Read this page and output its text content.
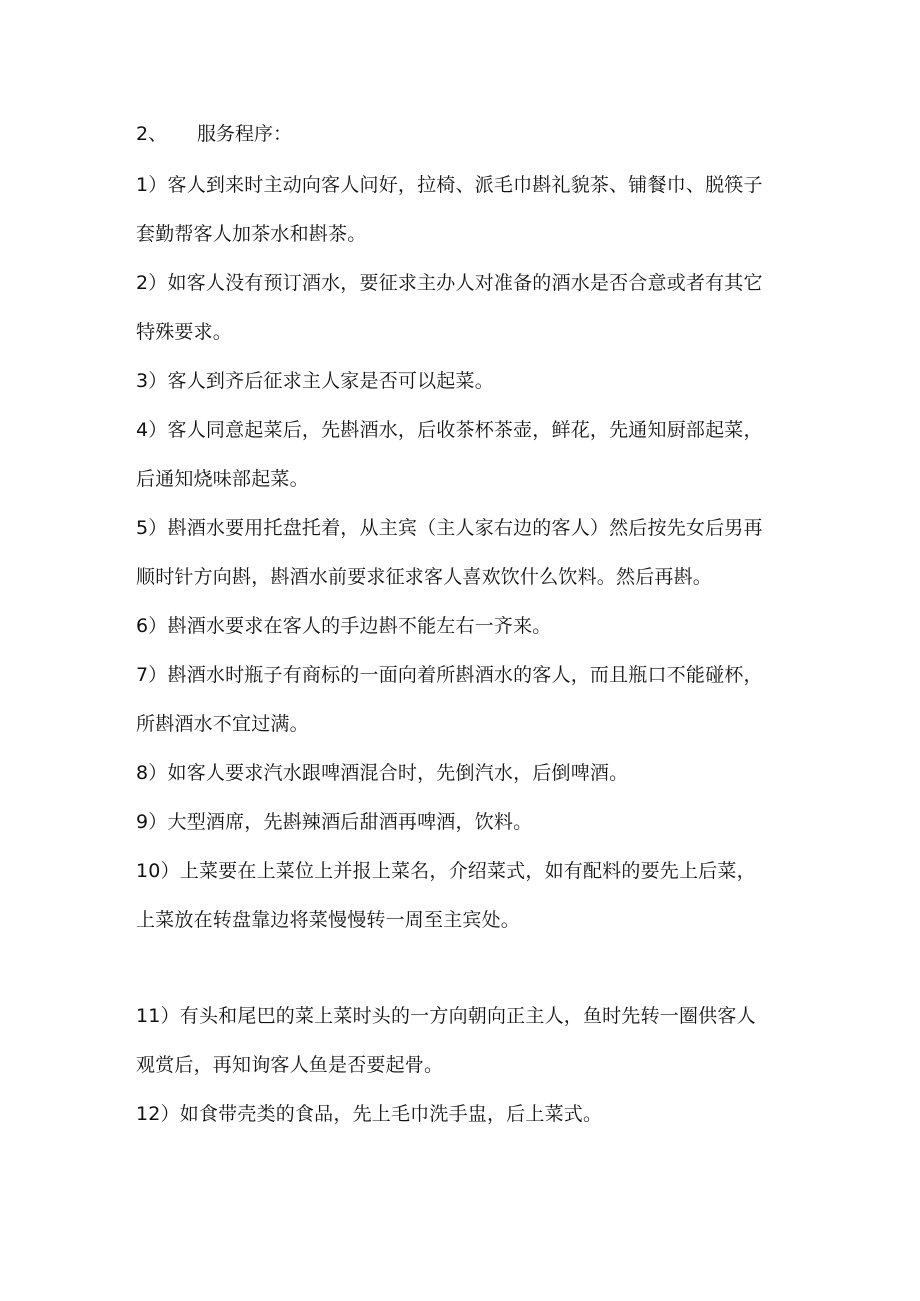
2、 服务程序：
1）客人到来时主动向客人问好，拉椅、派毛巾斟礼貌茶、铺餐巾、脱筷子
套勤帮客人加茶水和斟茶。
2）如客人没有预订酒水，要征求主办人对准备的酒水是否合意或者有其它
特殊要求。
3）客人到齐后征求主人家是否可以起菜。
4）客人同意起菜后，先斟酒水，后收茶杯茶壶，鲜花，先通知厨部起菜，
后通知烧味部起菜。
5）斟酒水要用托盘托着，从主宾（主人家右边的客人）然后按先女后男再
顺时针方向斟，斟酒水前要求征求客人喜欢饮什么饮料。然后再斟。
6）斟酒水要求在客人的手边斟不能左右一齐来。
7）斟酒水时瓶子有商标的一面向着所斟酒水的客人，而且瓶口不能碰杯，
所斟酒水不宜过满。
8）如客人要求汽水跟啤酒混合时，先倒汽水，后倒啤酒。
9）大型酒席，先斟辣酒后甜酒再啤酒，饮料。
10）上菜要在上菜位上并报上菜名，介绍菜式，如有配料的要先上后菜，
上菜放在转盘靠边将菜慢慢转一周至主宾处。
11）有头和尾巴的菜上菜时头的一方向朝向正主人，鱼时先转一圈供客人
观赏后，再知询客人鱼是否要起骨。
12）如食带壳类的食品，先上毛巾洗手盅，后上菜式。
